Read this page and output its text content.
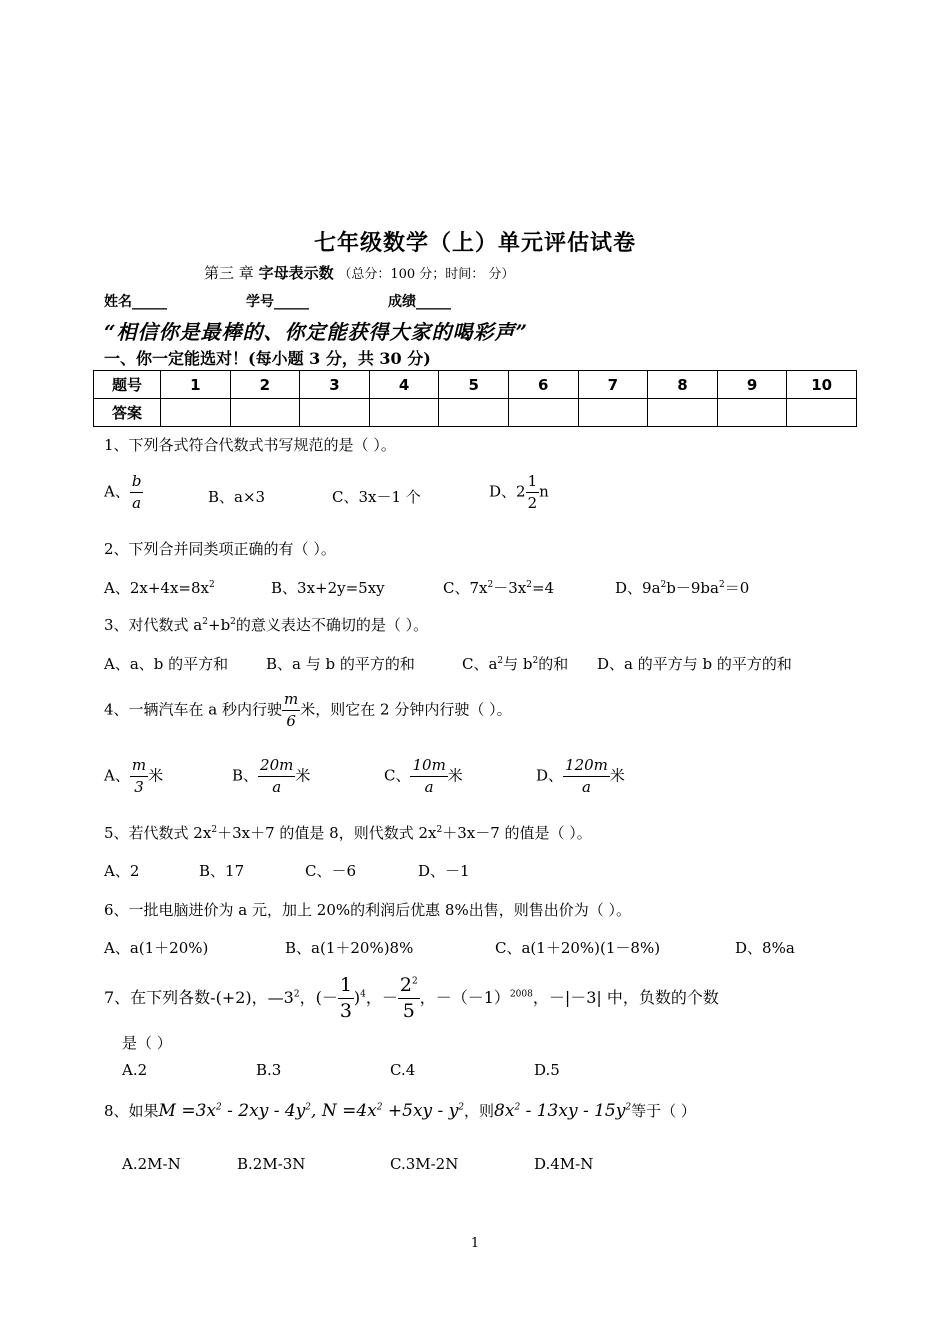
七年级数学（上）单元评估试卷
第三 章 字母表示数 （总分：100 分；时间： 分）
姓名_____	学号_____	成绩_____
“相信你是最棒的、你定能获得大家的喝彩声”
一、你一定能选对！(每小题 3 分，共 30 分)
题号	1	2	3	4	5	6	7	8	9	10
答案										
1、下列各式符合代数式书写规范的是（ ）。
A、 $\frac{b}{a}$	B、a×3	C、3x－1 个	D、$2 \frac{1}{2}$ n
2、下列合并同类项正确的有（ ）。
A、$2x+4x=8x^2$	B、3x+2y=5xy	C、$7x^2-3x^2=4$	D、$9a^2b-9ba^2=0$
3、对代数式 $a^2+b^2$的意义表达不确切的是（ ）。
A、a、b 的平方和	B、a 与 b 的平方的和	C、$a^2$与 $b^2$的和 D、a 的平方与 b 的平方的和
4、一辆汽车在 a 秒内行驶 $\frac{m}{6}$ 米，则它在 2 分钟内行驶（ ）。
A、 $\frac{m}{3}$ 米	B、 $\frac{20m}{a}$ 米	C、 $\frac{10m}{a}$ 米	D、 $\frac{120m}{a}$ 米
5、若代数式 $2x^2+3x+7$ 的值是 8，则代数式 $2x^2+3x-7$ 的值是（ ）。
A、2	B、17	C、－6	D、－1
6、一批电脑进价为 a 元，加上 20%的利润后优惠 8%出售，则售出价为（ ）。
A、a(1＋20%)	B、a(1＋20%)8%	C、a(1＋20%)(1－8%)	D、8%a
7、在下列各数-(+2)，$—3^2$，(－ $\frac{1}{3} )^4$，－ $\frac{2^2}{5}$ ，$-(-1)^{2008}$，－|－3| 中，负数的个数
是（ ）
A.2	B.3	C.4	D.5
8、如果$M =3x^2 - 2xy - 4y^2$, $N =4x^2 +5xy - y^2$，则$8x^2 - 13xy - 15y^2$等于（ ）
A.2M-N	B.2M-3N	C.3M-2N	D.4M-N
1
